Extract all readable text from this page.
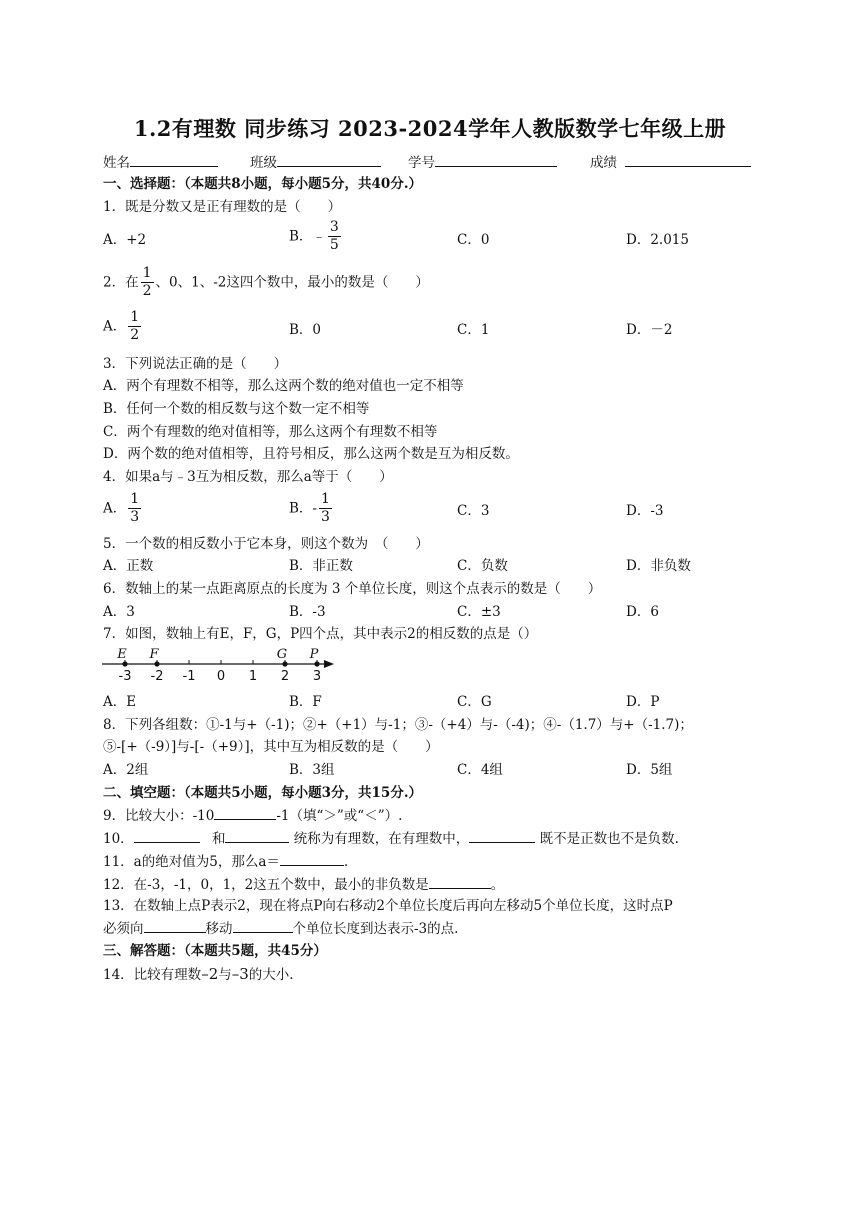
1.2有理数 同步练习 2023-2024学年人教版数学七年级上册
姓名	班级	学号	成绩
一、选择题：（本题共8小题，每小题5分，共40分.）
1．既是分数又是正有理数的是（　　）
A．+2	B．﹣ $\frac{3}{5}$	C．0	D．2.015
2．在 $\frac{1}{2}$ 、0、1、-2这四个数中，最小的数是（　　）
A． $\frac{1}{2}$	B．0	C．1	D．－2
3．下列说法正确的是（　　）
A．两个有理数不相等，那么这两个数的绝对值也一定不相等
B．任何一个数的相反数与这个数一定不相等
C．两个有理数的绝对值相等，那么这两个有理数不相等
D．两个数的绝对值相等，且符号相反，那么这两个数是互为相反数。
4．如果a与﹣3互为相反数，那么a等于（　　）
A． $\frac{1}{3}$	B．- $\frac{1}{3}$	C．3	D．-3
5．一个数的相反数小于它本身，则这个数为　（　　）
A．正数	B．非正数	C．负数	D．非负数
6．数轴上的某一点距离原点的长度为 3 个单位长度，则这个点表示的数是（　　）
A．3	B．-3	C．±3	D．6
7．如图，数轴上有E，F，G，P四个点，其中表示2的相反数的点是（）
-3 -2 -1 0 1 2 3
E F	G P
A．E	B．F	C．G	D．P
8．下列各组数：①-1与+（-1)；②+（+1）与-1；③-（+4）与-（-4)；④-（1.7）与+（-1.7)；
⑤-[+（-9）]与-[-（+9）]，其中互为相反数的是（　　）
A．2组	B．3组	C．4组	D．5组
二、填空题：（本题共5小题，每小题3分，共15分.）
9．比较大小：-10	-1（填“＞”或“＜”）.
10．	和	统称为有理数，在有理数中，	既不是正数也不是负数.
11．a的绝对值为5，那么a＝	.
12．在-3，-1，0，1，2这五个数中，最小的非负数是	。
13．在数轴上点P表示2，现在将点P向右移动2个单位长度后再向左移动5个单位长度，这时点P
必须向	移动	个单位长度到达表示-3的点.
三、解答题：（本题共5题，共45分）
14．比较有理数–2与–3的大小.
